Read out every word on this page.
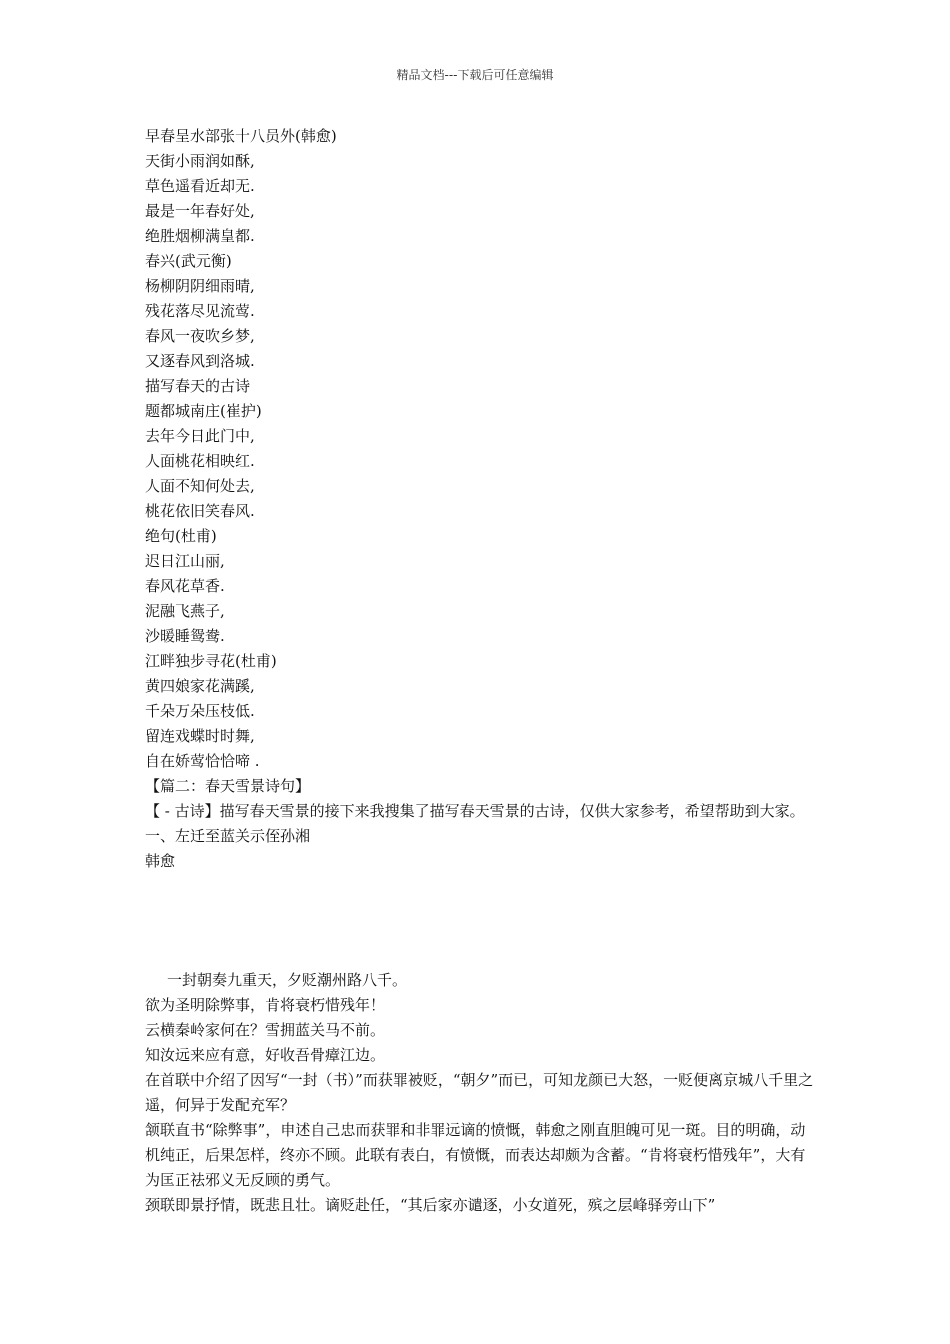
精品文档---下载后可任意编辑
早春呈水部张十八员外(韩愈)
天街小雨润如酥,
草色遥看近却无.
最是一年春好处,
绝胜烟柳满皇都.
春兴(武元衡)
杨柳阴阴细雨晴,
残花落尽见流莺.
春风一夜吹乡梦,
又逐春风到洛城.
描写春天的古诗
题都城南庄(崔护)
去年今日此门中,
人面桃花相映红.
人面不知何处去,
桃花依旧笑春风.
绝句(杜甫)
迟日江山丽,
春风花草香.
泥融飞燕子,
沙暖睡鸳鸯.
江畔独步寻花(杜甫)
黄四娘家花满蹊,
千朵万朵压枝低.
留连戏蝶时时舞,
自在娇莺恰恰啼 .
【篇二：春天雪景诗句】
【 - 古诗】描写春天雪景的接下来我搜集了描写春天雪景的古诗，仅供大家参考，希望帮助到大家。
一、左迁至蓝关示侄孙湘
韩愈
一封朝奏九重天，夕贬潮州路八千。
欲为圣明除弊事，肯将衰朽惜残年！
云横秦岭家何在？雪拥蓝关马不前。
知汝远来应有意，好收吾骨瘴江边。
在首联中介绍了因写“一封（书）”而获罪被贬，“朝夕”而已，可知龙颜已大怒，一贬便离京城八千里之遥，何异于发配充军？
颔联直书“除弊事”，申述自己忠而获罪和非罪远谪的愤慨，韩愈之刚直胆魄可见一斑。目的明确，动机纯正，后果怎样，终亦不顾。此联有表白，有愤慨，而表达却颇为含蓄。“肯将衰朽惜残年”，大有为匡正祛邪义无反顾的勇气。
颈联即景抒情，既悲且壮。谪贬赴任，“其后家亦谴逐，小女道死，殡之层峰驿旁山下”
